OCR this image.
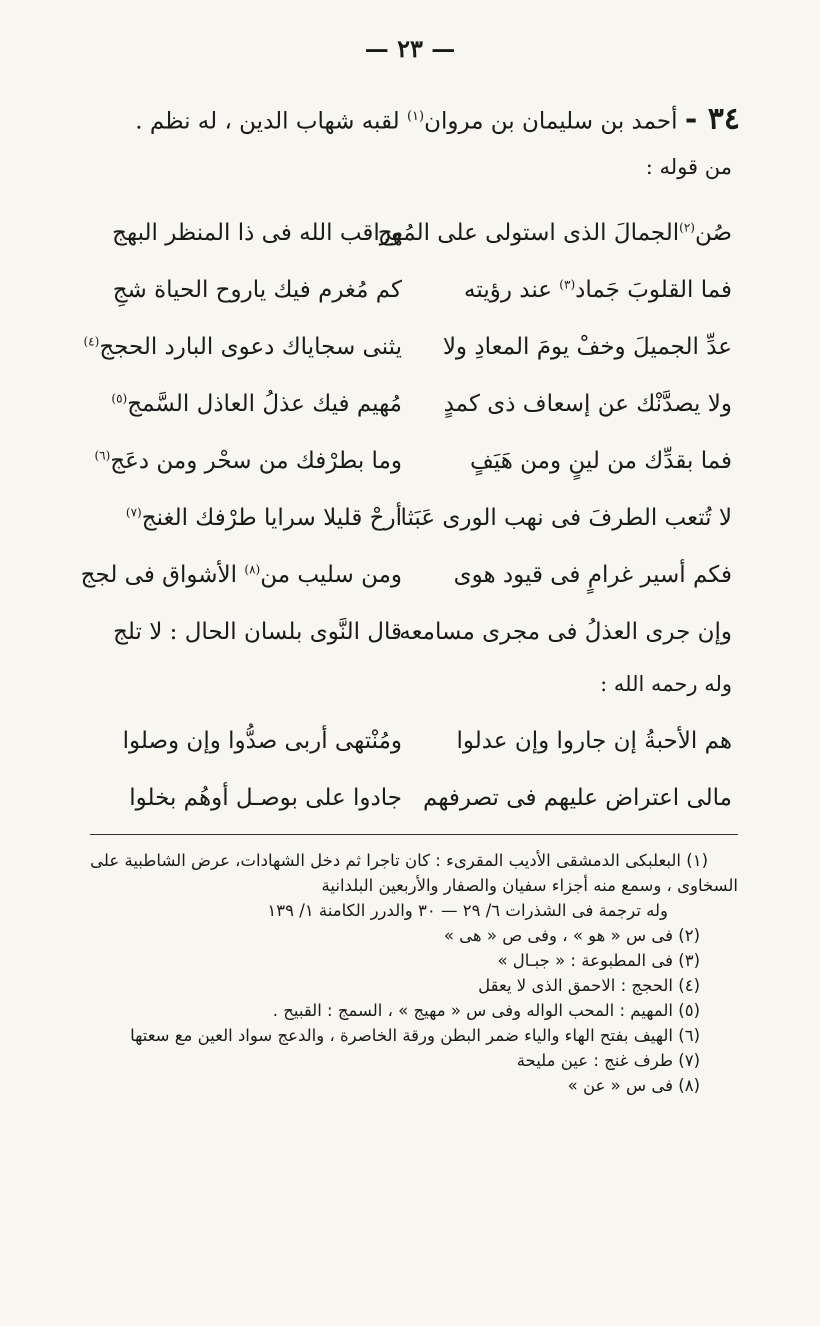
— ٢٣ —
٣٤ - أحمد بن سليمان بن مروان$^{(١)}$ لقبه شهاب الدين ، له نظم .
من قوله :
صُن$^{(٢)}$الجمالَ الذى استولى على المُهج
وراقب الله فى ذا المنظر البهج
فما القلوبَ جَماد$^{(٣)}$ عند رؤيته
كم مُغرم فيك ياروح الحياة شجِ
عدِّ الجميلَ وخفْ يومَ المعادِ ولا
يثنى سجاياك دعوى البارد الحجج$^{(٤)}$
ولا يصدَّنْك عن إسعاف ذى كمدٍ
مُهيم فيك عذلُ العاذل السَّمج$^{(٥)}$
فما بقدِّك من لينٍ ومن هَيَفٍ
وما بطرْفك من سحْر ومن دعَج$^{(٦)}$
لا تُتعب الطرفَ فى نهب الورى عَبَثا
أرحْ قليلا سرايا طرْفك الغنج$^{(٧)}$
فكم أسير غرامٍ فى قيود هوى
ومن سليب من$^{(٨)}$ الأشواق فى لجج
وإن جرى العذلُ فى مجرى مسامعه
قال النَّوى بلسان الحال : لا تلج
وله رحمه الله :
هم الأحبةُ إن جاروا وإن عدلوا
ومُنْتهى أربى صدُّوا وإن وصلوا
مالى اعتراض عليهم فى تصرفهم
جادوا على بوصـل أوهُم بخلوا
(١) البعلبكى الدمشقى الأديب المقرىء : كان تاجرا ثم دخل الشهادات، عرض الشاطبية على السخاوى ، وسمع منه أجزاء سفيان والصفار والأربعين البلدانية
وله ترجمة فى الشذرات ٦/ ٢٩ — ٣٠ والدرر الكامنة ١/ ١٣٩
(٢) فى س « هو » ، وفى ص « هى »
(٣) فى المطبوعة : « جبـال »
(٤) الحجج : الاحمق الذى لا يعقل
(٥) المهيم : المحب الواله وفى س « مهيج » ، السمج : القبيح .
(٦) الهيف بفتح الهاء والياء ضمر البطن ورقة الخاصرة ، والدعج سواد العين مع سعتها
(٧) طرف غنج : عين مليحة
(٨) فى س « عن »
